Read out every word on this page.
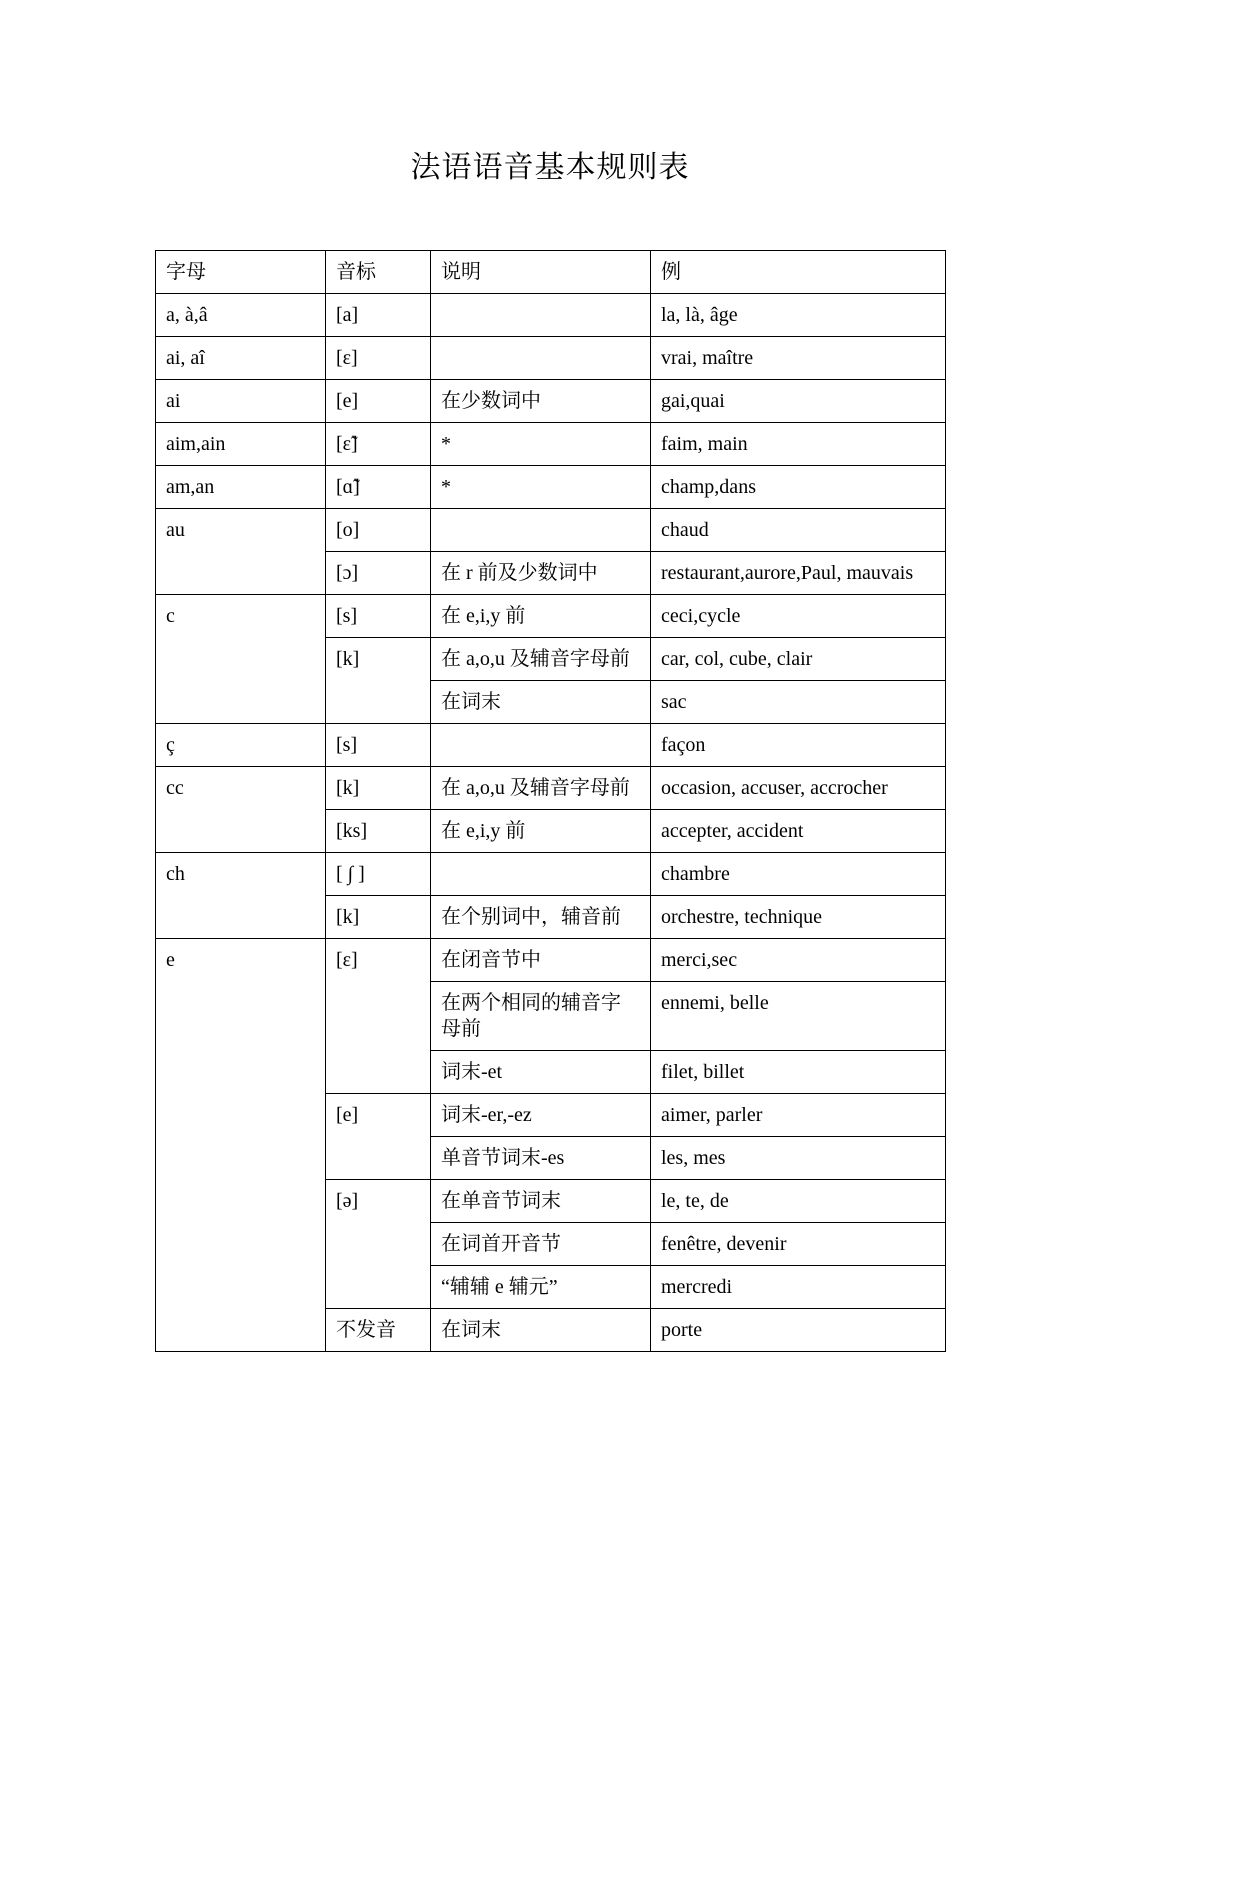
法语语音基本规则表
字母	音标	说明	例
a, à,â	[a]		la, là, âge
ai, aî	[ɛ]		vrai, maître
ai	[e]	在少数词中	gai,quai
aim,ain	[ɛ̃]	*	faim, main
am,an	[ɑ̃]	*	champ,dans
au	[o]		chaud
	[ɔ]	在 r 前及少数词中	restaurant,aurore,Paul, mauvais
c	[s]	在 e,i,y 前	ceci,cycle
	[k]	在 a,o,u 及辅音字母前	car, col, cube, clair
		在词末	sac
ç	[s]		façon
cc	[k]	在 a,o,u 及辅音字母前	occasion, accuser, accrocher
	[ks]	在 e,i,y 前	accepter, accident
ch	[ ∫ ]		chambre
	[k]	在个别词中，辅音前	orchestre, technique
e	[ɛ]	在闭音节中	merci,sec
		在两个相同的辅音字母前	ennemi, belle
		词末-et	filet, billet
	[e]	词末-er,-ez	aimer, parler
		单音节词末-es	les, mes
	[ə]	在单音节词末	le, te, de
		在词首开音节	fenêtre, devenir
		“辅辅 e 辅元”	mercredi
	不发音	在词末	porte
